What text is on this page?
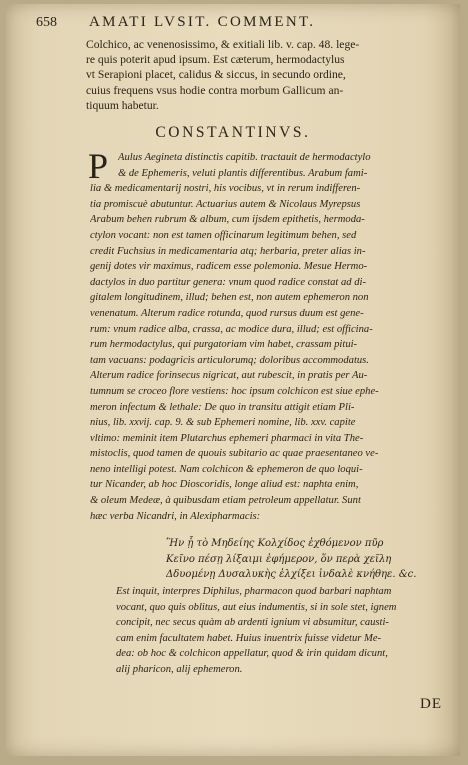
658 AMATI LVSIT. COMMENT.
Colchico, ac venenosissimo, & exitiali lib. v. cap. 48. lege-
re quis poterit apud ipsum. Est cæterum, hermodactylus
vt Serapioni placet, calidus & siccus, in secundo ordine,
cuius frequens vsus hodie contra morbum Gallicum an-
tiquum habetur.
CONSTANTINVS.
P Aulus Aegineta distinctis capitib. tractauit de hermodactylo
& de Ephemeris, veluti plantis differentibus. Arabum fami-
lia & medicamentarij nostri, his vocibus, vt in rerum indifferen-
tia promiscuè abutuntur. Actuarius autem & Nicolaus Myrepsus
Arabum behen rubrum & album, cum ijsdem epithetis, hermoda-
ctylon vocant: non est tamen officinarum legitimum behen, sed
credit Fuchsius in medicamentaria atq; herbaria, preter alias in-
genij dotes vir maximus, radicem esse polemonia. Mesue Hermo-
dactylos in duo partitur genera: vnum quod radice constat ad di-
gitalem longitudinem, illud; behen est, non autem ephemeron non
venenatum. Alterum radice rotunda, quod rursus duum est gene-
rum: vnum radice alba, crassa, ac modice dura, illud; est officina-
rum hermodactylus, qui purgatoriam vim habet, crassam pitui-
tam vacuans: podagricis articulorumq; doloribus accommodatus.
Alterum radice forinsecus nigricat, aut rubescit, in pratis per Au-
tumnum se croceo flore vestiens: hoc ipsum colchicon est siue ephe-
meron infectum & lethale: De quo in transitu attigit etiam Pli-
nius, lib. xxvij. cap. 9. & sub Ephemeri nomine, lib. xxv. capite
vltimo: meminit item Plutarchus ephemeri pharmaci in vita The-
mistoclis, quod tamen de quouis subitario ac quae praesentaneo ve-
neno intelligi potest. Nam colchicon & ephemeron de quo loqui-
tur Nicander, ab hoc Dioscoridis, longe aliud est: naphta enim,
& oleum Medeæ, à quibusdam etiam petroleum appellatur. Sunt
hæc verba Nicandri, in Alexipharmacis:
Ἢν ᾗ τὸ Μηδείης Κολχίδος ἐχθόμενον πῦρ
Κεῖνο πέσῃ λίξαιμι ἐφήμερον, ὅν περὰ χεῖλη
Δδυομένῃ Δυσαλυκὴς ἐλχίξει ἰνδαλὲ κνήθηε. &c.
Est inquit, interpres Diphilus, pharmacon quod barbari naphtam
vocant, quo quis oblitus, aut eius indumentis, si in sole stet, ignem
concipit, nec secus quàm ab ardenti ignium vi absumitur, causti-
cam enim facultatem habet. Huius inuentrix fuisse videtur Me-
dea: ob hoc & colchicon appellatur, quod & irin quidam dicunt,
alij pharicon, alij ephemeron.
DE
